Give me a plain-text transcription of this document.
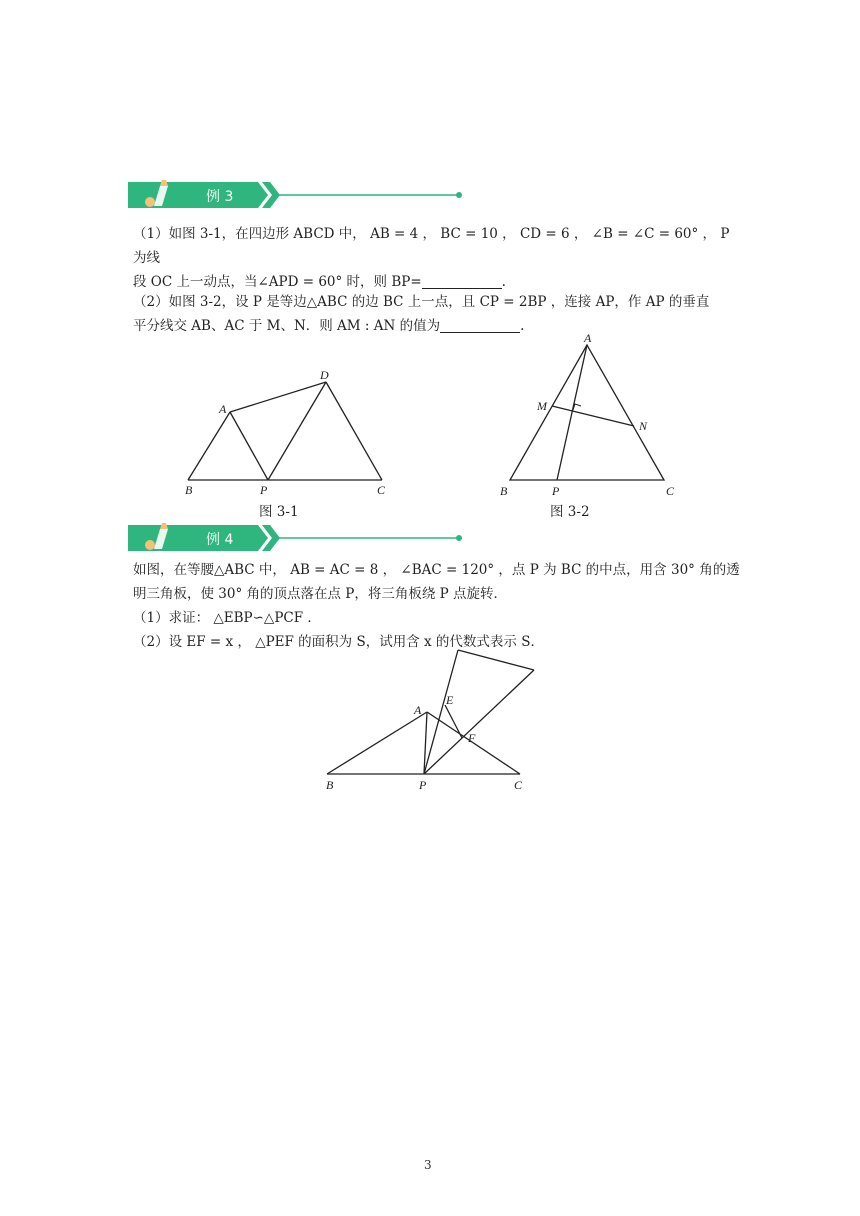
例 3
（1）如图 3-1，在四边形 ABCD 中， AB = 4 ， BC = 10 ， CD = 6 ， ∠B = ∠C = 60° ， P 为线
段 OC 上一动点，当∠APD = 60° 时，则 BP=	.
（2）如图 3-2，设 P 是等边△ABC 的边 BC 上一点，且 CP = 2BP ，连接 AP，作 AP 的垂直
平分线交 AB、AC 于 M、N．则 AM : AN 的值为	.
A
D
B	P	C
A
M
N
B	P	C
A
E
F
B	P	C
图 3-1	图 3-2
例 4
如图，在等腰△ABC 中， AB = AC = 8 ， ∠BAC = 120° ，点 P 为 BC 的中点，用含 30° 角的透
明三角板，使 30° 角的顶点落在点 P，将三角板绕 P 点旋转．
（1）求证： △EBP∽△PCF ．
（2）设 EF = x ， △PEF 的面积为 S，试用含 x 的代数式表示 S．
3
